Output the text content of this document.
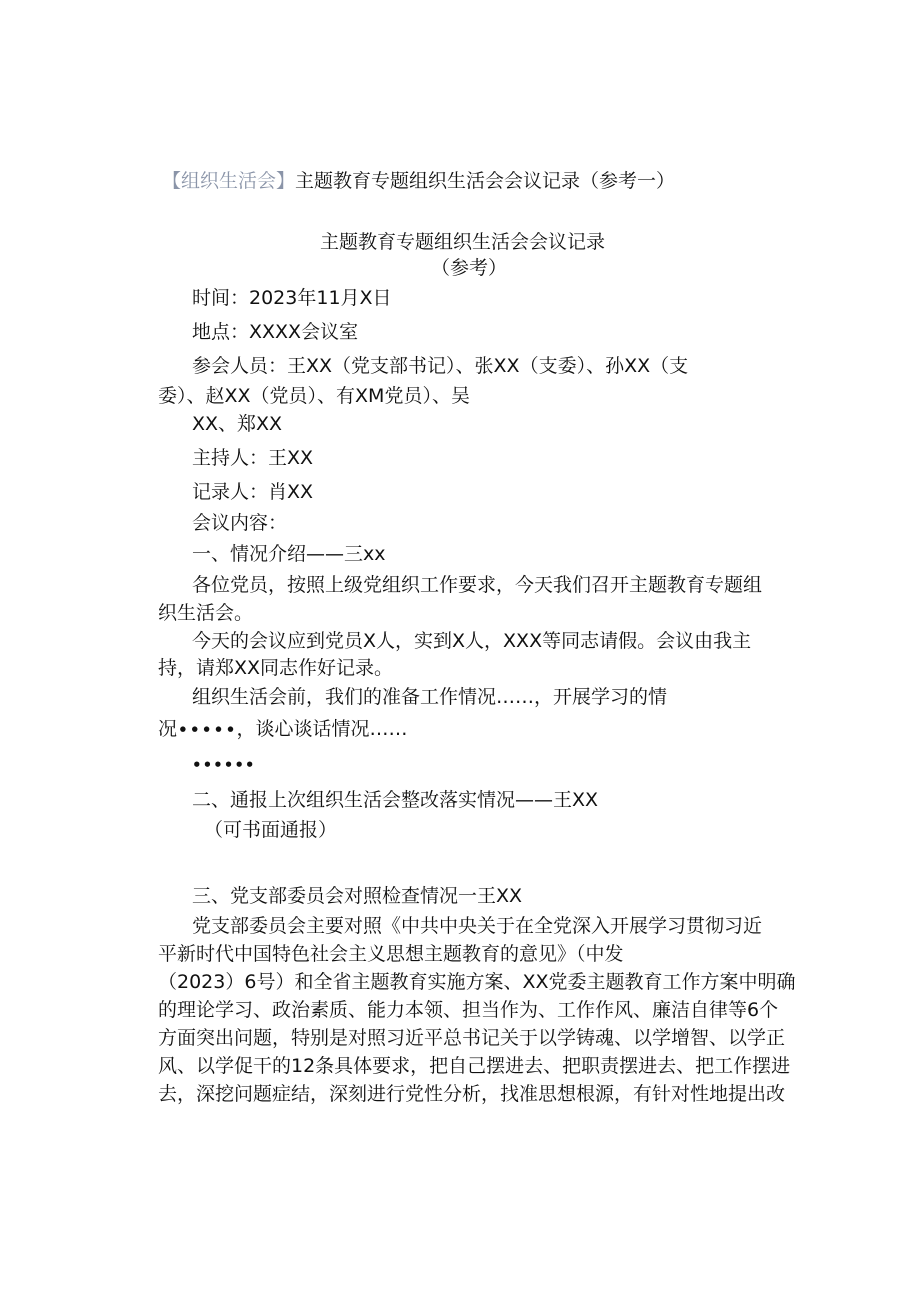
【组织生活会】主题教育专题组织生活会会议记录（参考一）
主题教育专题组织生活会会议记录
（参考）
时间：2023年11月X日
地点：XXXX会议室
参会人员：王XX（党支部书记）、张XX（支委）、孙XX（支
委）、赵XX（党员）、有XM党员）、吴
XX、郑XX
主持人：王XX
记录人：肖XX
会议内容：
一、情况介绍——三xx
各位党员，按照上级党组织工作要求，今天我们召开主题教育专题组
织生活会。
今天的会议应到党员X人，实到X人，XXX等同志请假。会议由我主
持，请郑XX同志作好记录。
组织生活会前，我们的准备工作情况……，开展学习的情
况∙∙∙∙∙，谈心谈话情况……
••••••
二、通报上次组织生活会整改落实情况——王XX
（可书面通报）
三、党支部委员会对照检查情况一王XX
党支部委员会主要对照《中共中央关于在全党深入开展学习贯彻习近
平新时代中国特色社会主义思想主题教育的意见》（中发
（2023）6号）和全省主题教育实施方案、XX党委主题教育工作方案中明确
的理论学习、政治素质、能力本领、担当作为、工作作风、廉洁自律等6个
方面突出问题，特别是对照习近平总书记关于以学铸魂、以学增智、以学正
风、以学促干的12条具体要求，把自己摆进去、把职责摆进去、把工作摆进
去，深挖问题症结，深刻进行党性分析，找准思想根源，有针对性地提出改
